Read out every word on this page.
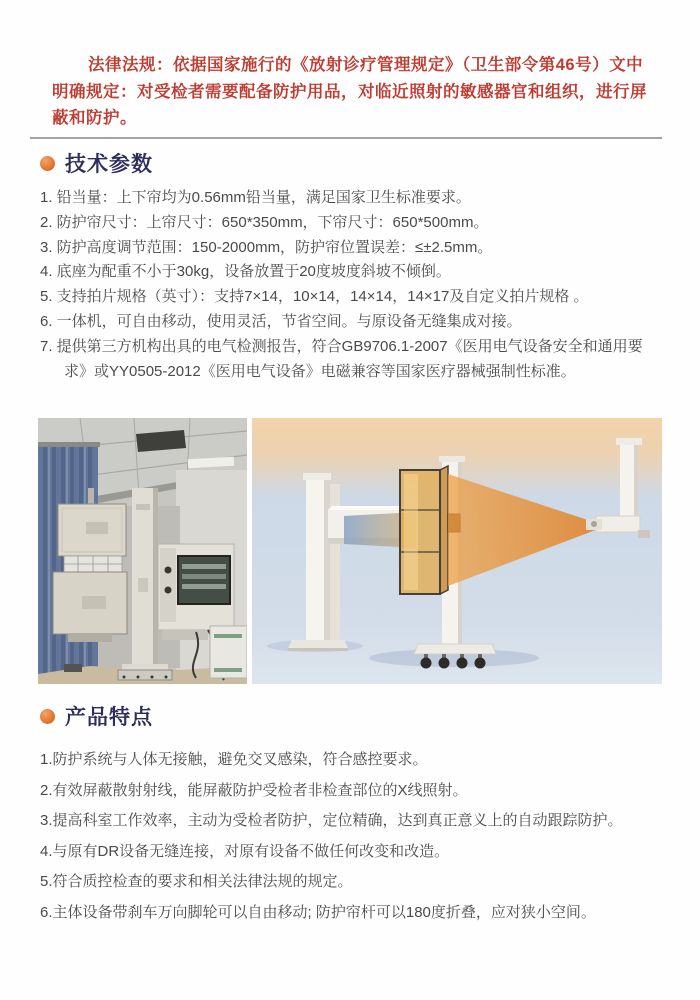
法律法规：依据国家施行的《放射诊疗管理规定》（卫生部令第46号）文中明确规定：对受检者需要配备防护用品，对临近照射的敏感器官和组织，进行屏蔽和防护。

技术参数
1. 铅当量：上下帘均为0.56mm铅当量，满足国家卫生标准要求。
2. 防护帘尺寸：上帘尺寸：650*350mm，下帘尺寸：650*500mm。
3. 防护高度调节范围：150-2000mm，防护帘位置误差：≤±2.5mm。
4. 底座为配重不小于30kg，设备放置于20度坡度斜坡不倾倒。
5. 支持拍片规格（英寸）：支持7×14，10×14，14×14，14×17及自定义拍片规格 。
6. 一体机，可自由移动，使用灵活，节省空间。与原设备无缝集成对接。
7. 提供第三方机构出具的电气检测报告，符合GB9706.1-2007《医用电气设备安全和通用要求》或YY0505-2012《医用电气设备》电磁兼容等国家医疗器械强制性标准。
产品特点
1.防护系统与人体无接触，避免交叉感染，符合感控要求。
2.有效屏蔽散射射线，能屏蔽防护受检者非检查部位的X线照射。
3.提高科室工作效率，主动为受检者防护，定位精确，达到真正意义上的自动跟踪防护。
4.与原有DR设备无缝连接，对原有设备不做任何改变和改造。
5.符合质控检查的要求和相关法律法规的规定。
6.主体设备带刹车万向脚轮可以自由移动; 防护帘杆可以180度折叠，应对狭小空间。
